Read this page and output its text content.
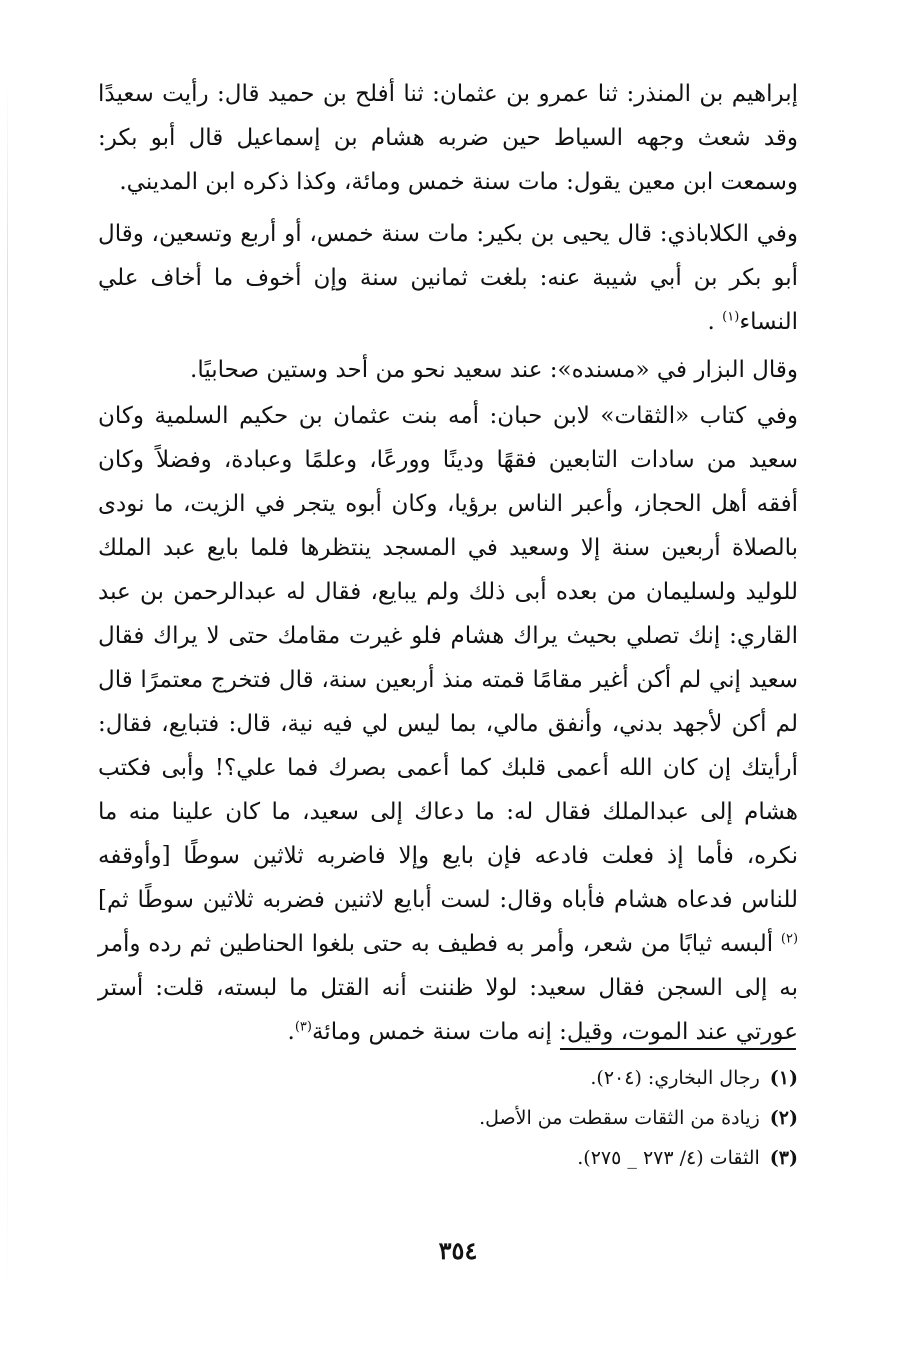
إبراهيم بن المنذر: ثنا عمرو بن عثمان: ثنا أفلح بن حميد قال: رأيت سعيدًا وقد شعث وجهه السياط حين ضربه هشام بن إسماعيل قال أبو بكر: وسمعت ابن معين يقول: مات سنة خمس ومائة، وكذا ذكره ابن المديني.

وفي الكلاباذي: قال يحيى بن بكير: مات سنة خمس، أو أربع وتسعين، وقال أبو بكر بن أبي شيبة عنه: بلغت ثمانين سنة وإن أخوف ما أخاف علي النساء$^{(١)}$ .

وقال البزار في «مسنده»: عند سعيد نحو من أحد وستين صحابيًا.

وفي كتاب «الثقات» لابن حبان: أمه بنت عثمان بن حكيم السلمية وكان سعيد من سادات التابعين فقهًا ودينًا وورعًا، وعلمًا وعبادة، وفضلاً وكان أفقه أهل الحجاز، وأعبر الناس برؤيا، وكان أبوه يتجر في الزيت، ما نودى بالصلاة أربعين سنة إلا وسعيد في المسجد ينتظرها فلما بايع عبد الملك للوليد ولسليمان من بعده أبى ذلك ولم يبايع، فقال له عبدالرحمن بن عبد القاري: إنك تصلي بحيث يراك هشام فلو غيرت مقامك حتى لا يراك فقال سعيد إني لم أكن أغير مقامًا قمته منذ أربعين سنة، قال فتخرج معتمرًا قال لم أكن لأجهد بدني، وأنفق مالي، بما ليس لي فيه نية، قال: فتبايع، فقال: أرأيتك إن كان الله أعمى قلبك كما أعمى بصرك فما علي؟! وأبى فكتب هشام إلى عبدالملك فقال له: ما دعاك إلى سعيد، ما كان علينا منه ما نكره، فأما إذ فعلت فادعه فإن بايع وإلا فاضربه ثلاثين سوطًا [وأوقفه للناس فدعاه هشام فأباه وقال: لست أبايع لاثنين فضربه ثلاثين سوطًا ثم]$^{(٢)}$ ألبسه ثيابًا من شعر، وأمر به فطيف به حتى بلغوا الحناطين ثم رده وأمر به إلى السجن فقال سعيد: لولا ظننت أنه القتل ما لبسته، قلت: أستر عورتي عند الموت، وقيل: إنه مات سنة خمس ومائة$^{(٣)}$.

(١)رجال البخاري: (٢٠٤).

(٢)زيادة من الثقات سقطت من الأصل.

(٣)الثقات (٤/ ٢٧٣ _ ٢٧٥).

٣٥٤
